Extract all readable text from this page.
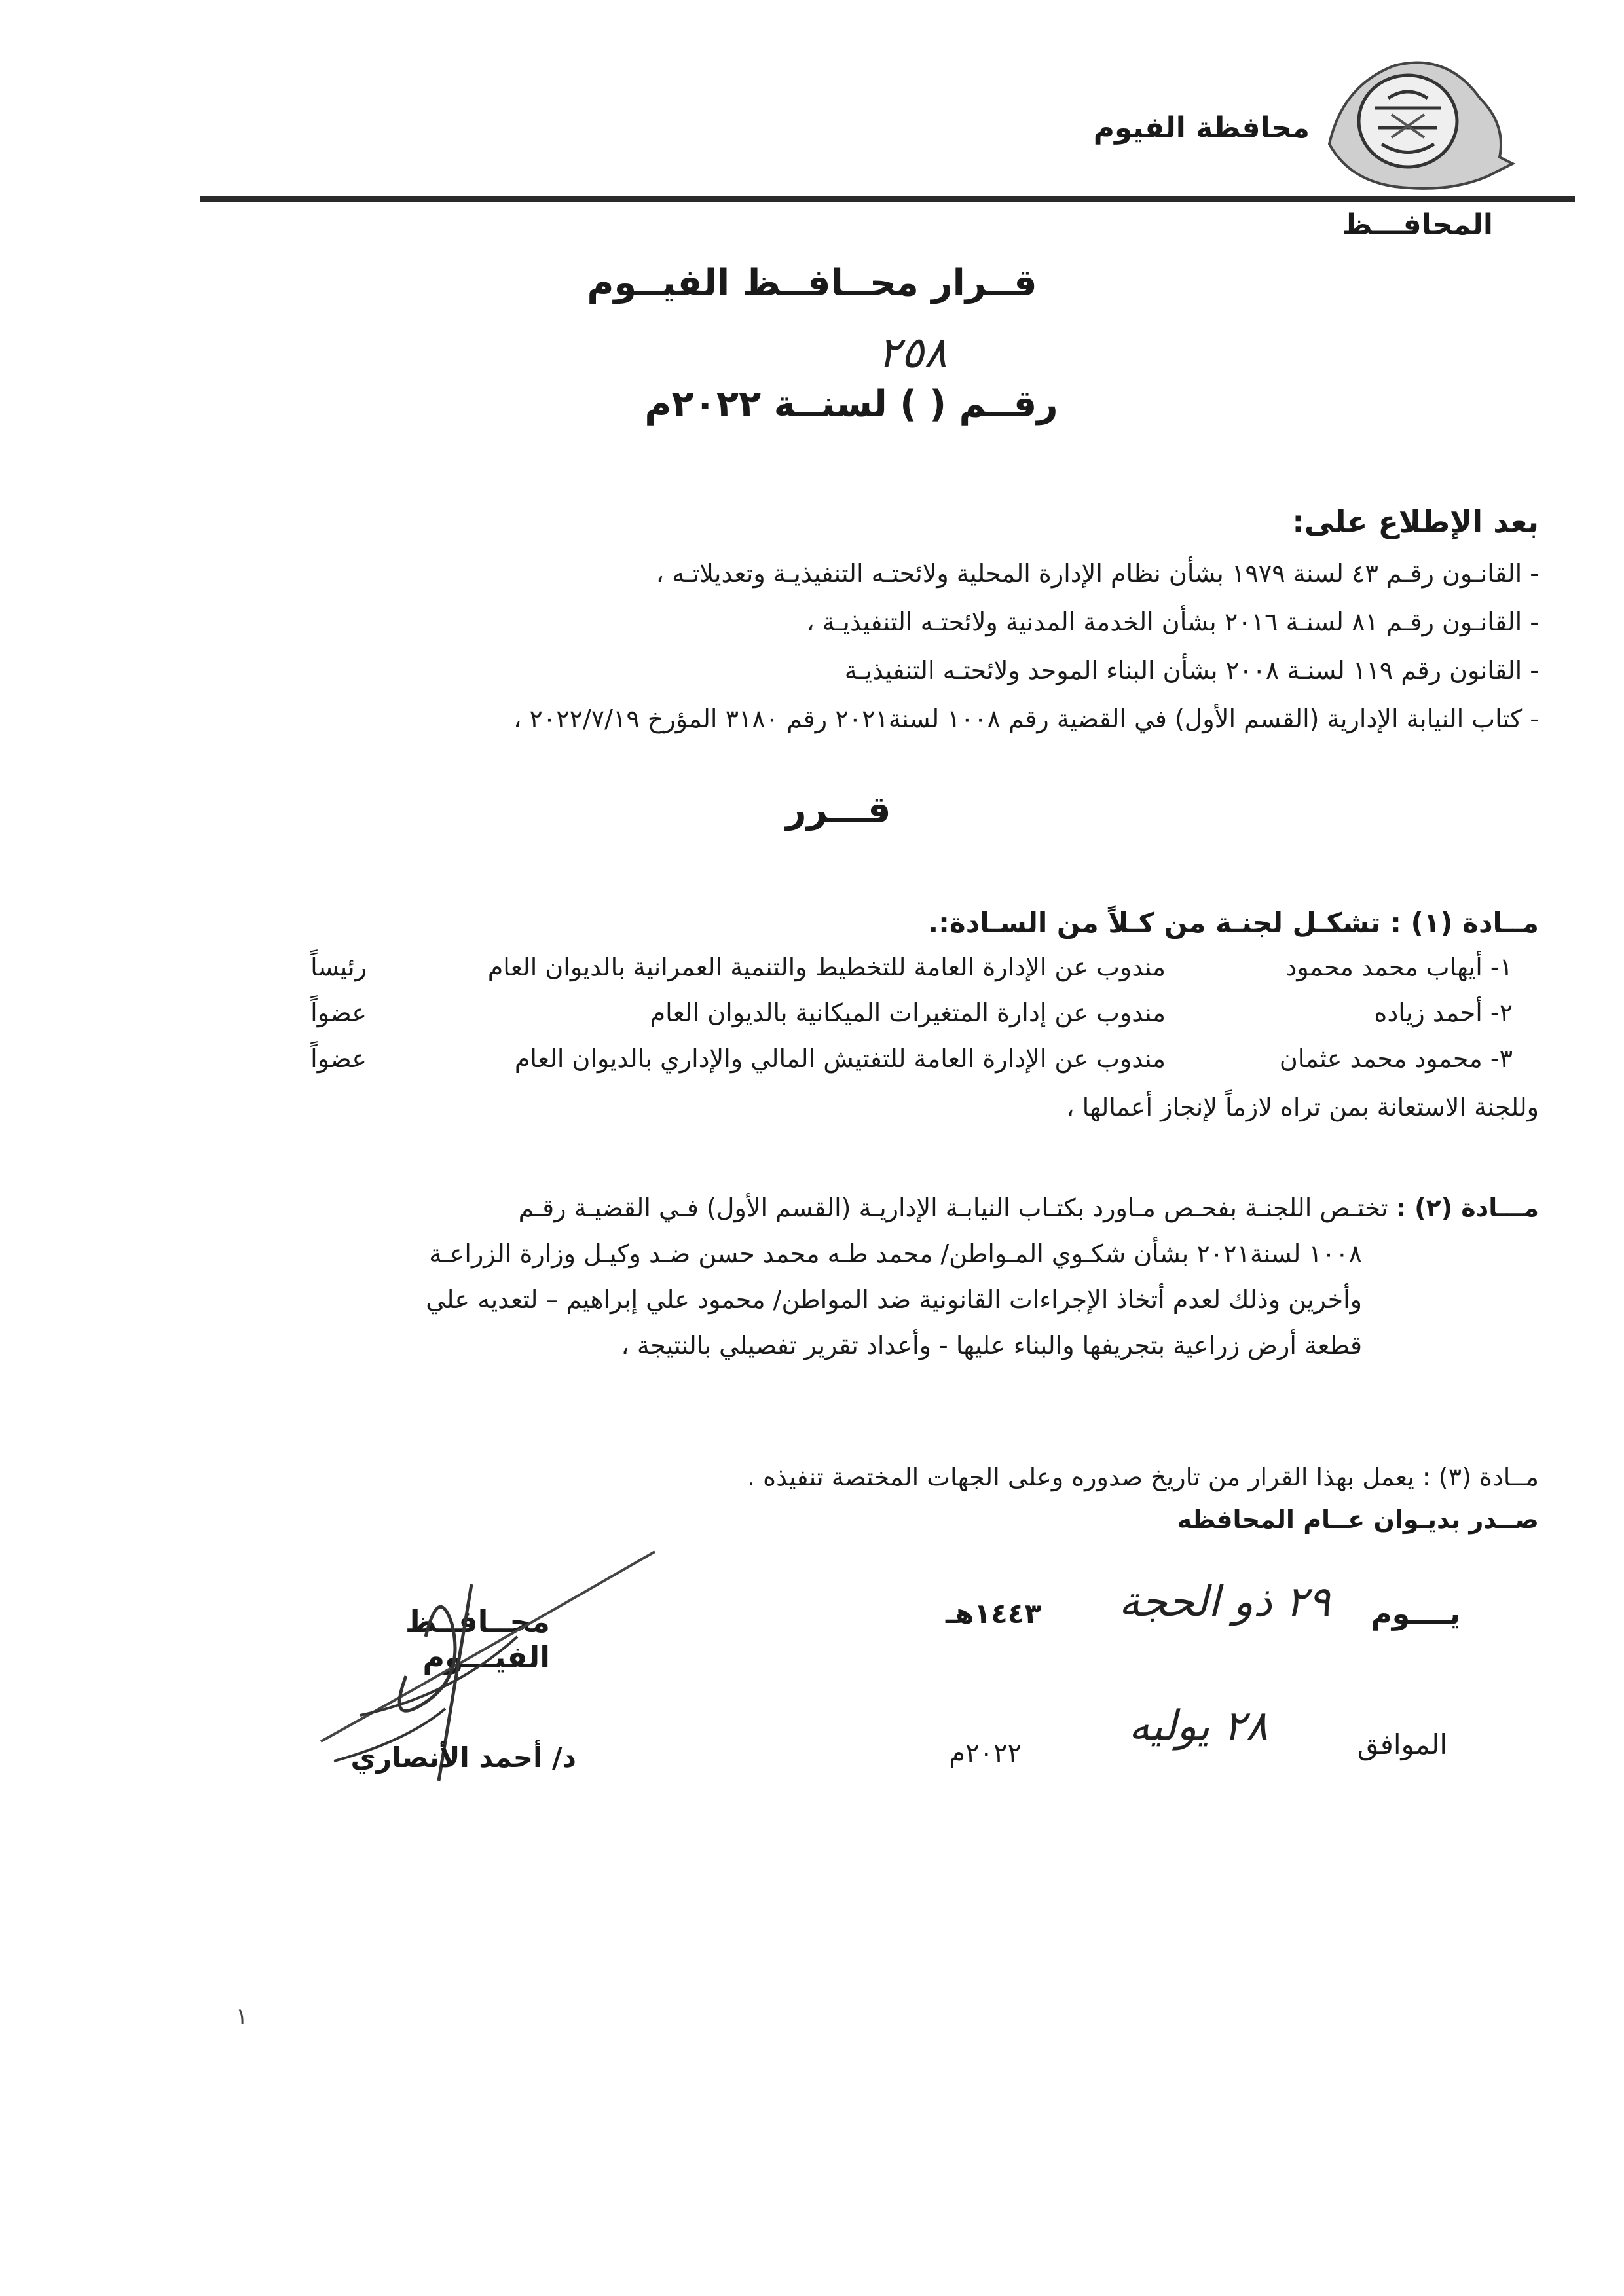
محافظة الفيوم
المحافـــظ
قــرار محــافــظ الفيــوم
٢٥٨
رقــم ( ) لسنــة ٢٠٢٢م
بعد الإطلاع على:
- القانـون رقـم ٤٣ لسنة ١٩٧٩ بشأن نظام الإدارة المحلية ولائحتـه التنفيذيـة وتعديلاتـه ،
- القانـون رقـم ٨١ لسنـة ٢٠١٦ بشأن الخدمة المدنية ولائحتـه التنفيذيـة ،
- القانون رقم ١١٩ لسنـة ٢٠٠٨ بشأن البناء الموحد ولائحتـه التنفيذيـة
- كتاب النيابة الإدارية (القسم الأول) في القضية رقم ١٠٠٨ لسنة٢٠٢١ رقم ٣١٨٠ المؤرخ ٢٠٢٢/٧/١٩ ،
قـــرر
مــادة (١) : تشكـل لجنـة من كـلاً من السـادة:.
١- أيهاب محمد محمود
مندوب عن الإدارة العامة للتخطيط والتنمية العمرانية بالديوان العام
رئيساً
٢- أحمد زياده
مندوب عن إدارة المتغيرات الميكانية بالديوان العام
عضواً
٣- محمود محمد عثمان
مندوب عن الإدارة العامة للتفتيش المالي والإداري بالديوان العام
عضواً
وللجنة الاستعانة بمن تراه لازماً لإنجاز أعمالها ،
مـــادة (٢) : تختـص اللجنـة بفحـص مـاورد بكتـاب النيابـة الإداريـة (القسم الأول) فـي القضيـة رقـم
١٠٠٨ لسنة٢٠٢١ بشأن شكـوي المـواطن/ محمد طـه محمد حسن ضـد وكيـل وزارة الزراعـة
وأخرين وذلك لعدم أتخاذ الإجراءات القانونية ضد المواطن/ محمود علي إبراهيم – لتعديه علي
قطعة أرض زراعية بتجريفها والبناء عليها - وأعداد تقرير تفصيلي بالنتيجة ،
مــادة (٣) : يعمل بهذا القرار من تاريخ صدوره وعلى الجهات المختصة تنفيذه .
صــدر بديـوان عــام المحافظه
يــــوم
٢٩ ذو الحجة
١٤٤٣هـ
الموافق
٢٨ يوليه
٢٠٢٢م
محــافــظ الفيـــوم
د/ أحمد الأنصاري
١
